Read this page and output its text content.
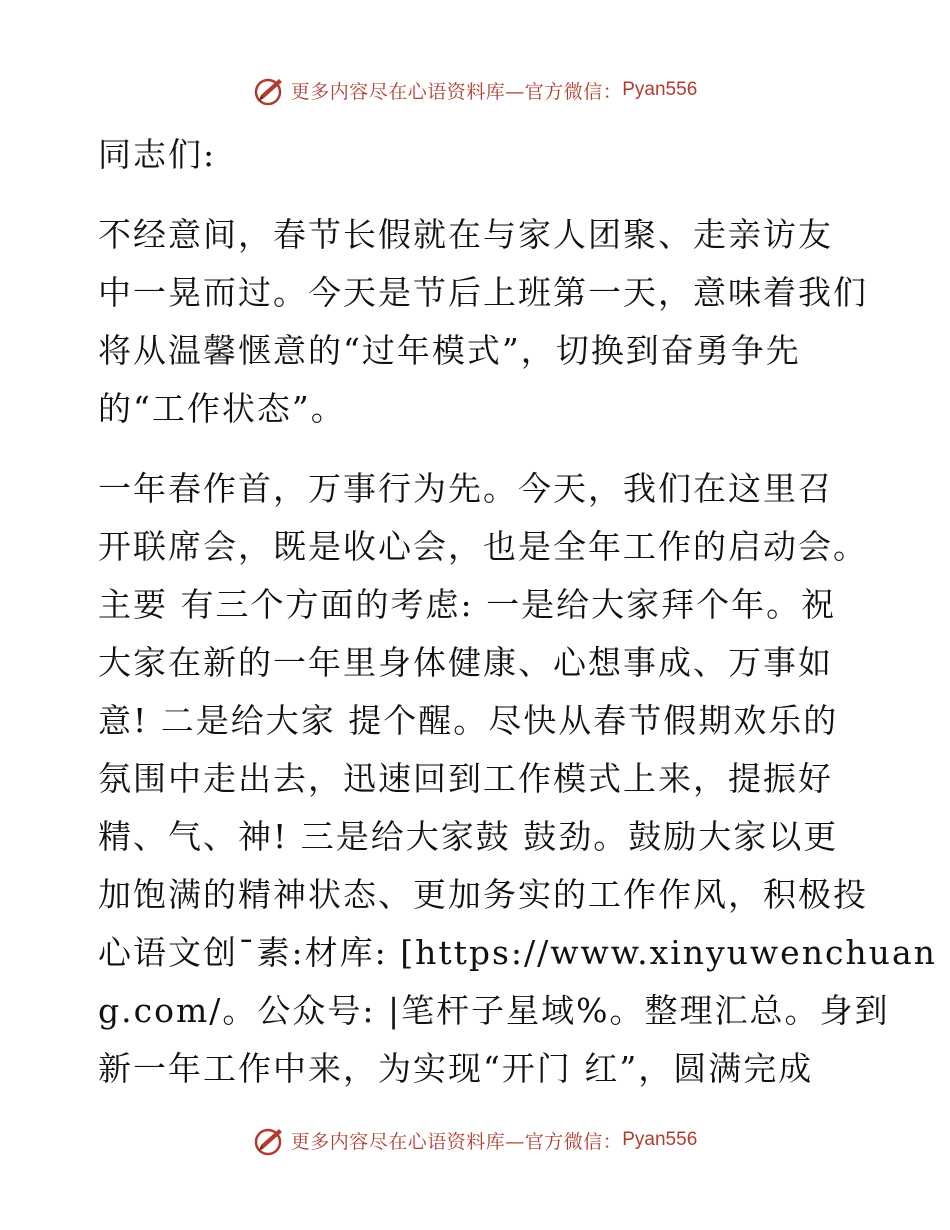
更多内容尽在心语资料库—官方微信： Pyan556
同志们:
不经意间，春节长假就在与家人团聚、走亲访友
中一晃而过。今天是节后上班第一天，意味着我们
将从温馨惬意的“过年模式”，切换到奋勇争先
的“工作状态”。
一年春作首，万事行为先。今天，我们在这里召
开联席会，既是收心会，也是全年工作的启动会。
主要 有三个方面的考虑: 一是给大家拜个年。祝
大家在新的一年里身体健康、心想事成、万事如
意! 二是给大家 提个醒。尽快从春节假期欢乐的
氛围中走出去，迅速回到工作模式上来，提振好
精、气、神! 三是给大家鼓 鼓劲。鼓励大家以更
加饱满的精神状态、更加务实的工作作风，积极投
心语文创¯素:材库: [https://www.xinyuwenchuan
g.com/。公众号: |笔杆子星域%。整理汇总。身到
新一年工作中来，为实现“开门 红”，圆满完成
更多内容尽在心语资料库—官方微信： Pyan556
